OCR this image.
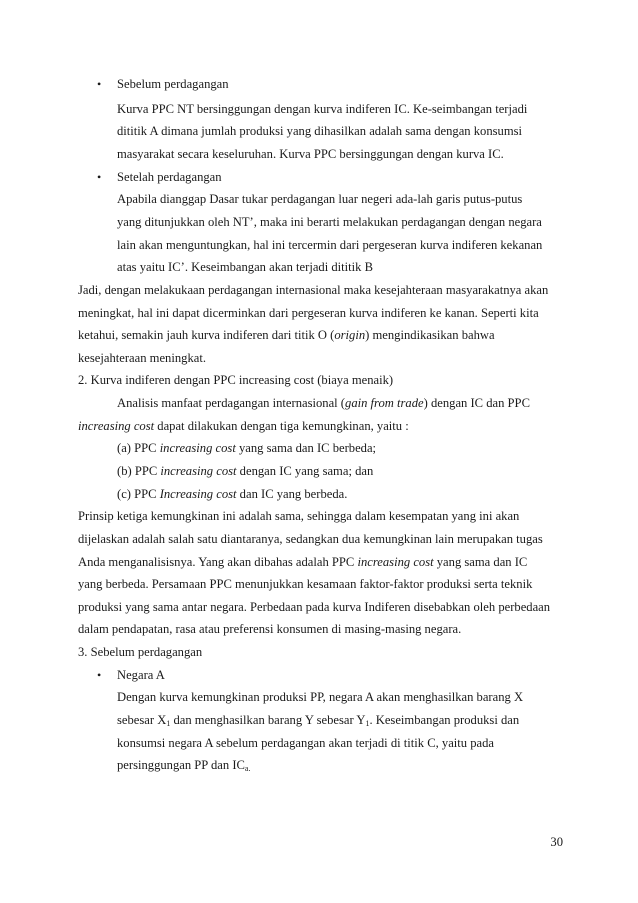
• Sebelum perdagangan
Kurva PPC NT bersinggungan dengan kurva indiferen IC. Ke-seimbangan terjadi
dititik A dimana jumlah produksi yang dihasilkan adalah sama dengan konsumsi
masyarakat secara keseluruhan. Kurva PPC bersinggungan dengan kurva IC.
• Setelah perdagangan
Apabila dianggap Dasar tukar perdagangan luar negeri ada-lah garis putus-putus
yang ditunjukkan oleh NT’, maka ini berarti melakukan perdagangan dengan negara
lain akan menguntungkan, hal ini tercermin dari pergeseran kurva indiferen kekanan
atas yaitu IC’. Keseimbangan akan terjadi dititik B
Jadi, dengan melakukaan perdagangan internasional maka kesejahteraan masyarakatnya akan
meningkat, hal ini dapat dicerminkan dari pergeseran kurva indiferen ke kanan. Seperti kita
ketahui, semakin jauh kurva indiferen dari titik O (origin) mengindikasikan bahwa
kesejahteraan meningkat.
2. Kurva indiferen dengan PPC increasing cost (biaya menaik)
Analisis manfaat perdagangan internasional (gain from trade) dengan IC dan PPC
increasing cost dapat dilakukan dengan tiga kemungkinan, yaitu :
(a) PPC increasing cost yang sama dan IC berbeda;
(b) PPC increasing cost dengan IC yang sama; dan
(c) PPC Increasing cost dan IC yang berbeda.
Prinsip ketiga kemungkinan ini adalah sama, sehingga dalam kesempatan yang ini akan
dijelaskan adalah salah satu diantaranya, sedangkan dua kemungkinan lain merupakan tugas
Anda menganalisisnya. Yang akan dibahas adalah PPC increasing cost yang sama dan IC
yang berbeda. Persamaan PPC menunjukkan kesamaan faktor-faktor produksi serta teknik
produksi yang sama antar negara. Perbedaan pada kurva Indiferen disebabkan oleh perbedaan
dalam pendapatan, rasa atau preferensi konsumen di masing-masing negara.
3. Sebelum perdagangan
• Negara A
Dengan kurva kemungkinan produksi PP, negara A akan menghasilkan barang X
sebesar $X_1$ dan menghasilkan barang Y sebesar $Y_1$. Keseimbangan produksi dan
konsumsi negara A sebelum perdagangan akan terjadi di titik C, yaitu pada
persinggungan PP dan $IC_{a.}$
30
